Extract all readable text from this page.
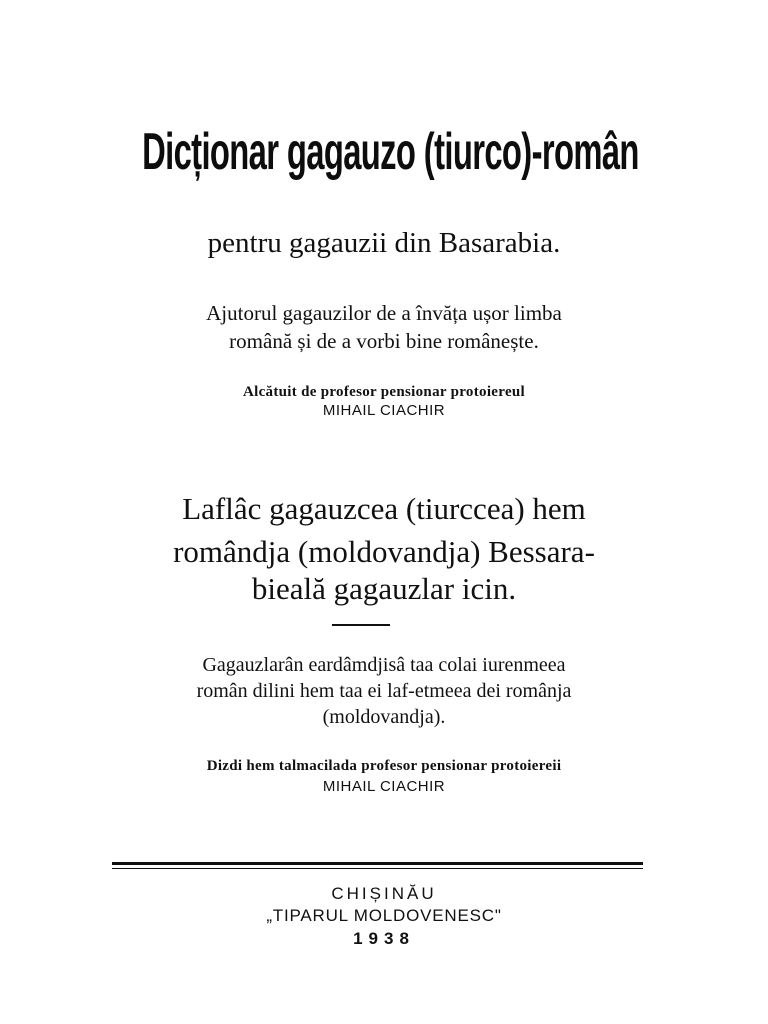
Dicționar gagauzo (tiurco)-român
pentru gagauzii din Basarabia.
Ajutorul gagauzilor de a învăța ușor limba
română și de a vorbi bine românește.
Alcătuit de profesor pensionar protoiereul
MIHAIL CIACHIR
Laflâc gagauzcea (tiurccea) hem
romândja (moldovandja) Bessara-
bieală gagauzlar icin.
Gagauzlarân eardâmdjisâ taa colai iurenmeea
român dilini hem taa ei laf-etmeea dei românja
(moldovandja).
Dizdi hem talmacilada profesor pensionar protoiereii
MIHAIL CIACHIR
CHIȘINĂU
„TIPARUL MOLDOVENESC"
1938
